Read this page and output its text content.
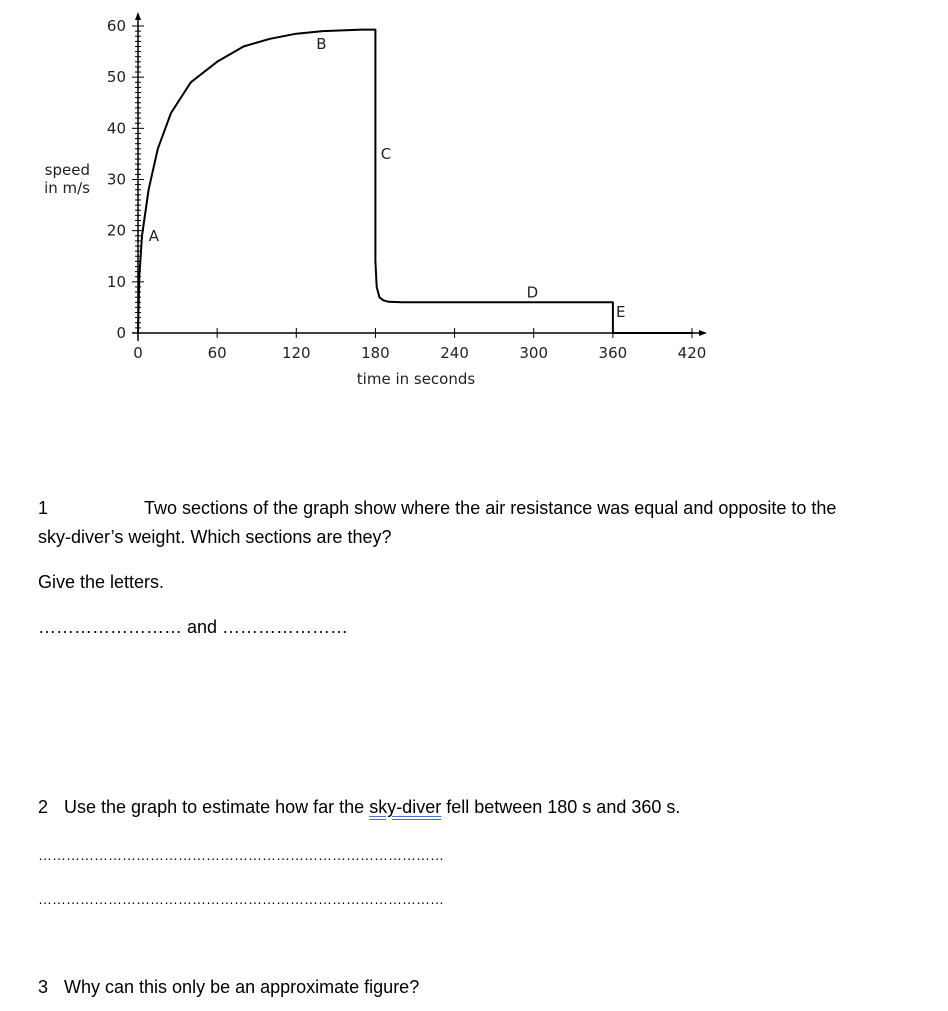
0
10
20
30
40
50
60
0	60	120	180	240	300	360	420
time in seconds
speed
in m/s
A
B
C
D
E
1	Two sections of the graph show where the air resistance was equal and opposite to the
sky-diver’s weight. Which sections are they?
Give the letters.
…………………… and …………………
2 Use the graph to estimate how far the sky-diver fell between 180 s and 360 s.
……………………………………………………………………………
……………………………………………………………………………
3 Why can this only be an approximate figure?
